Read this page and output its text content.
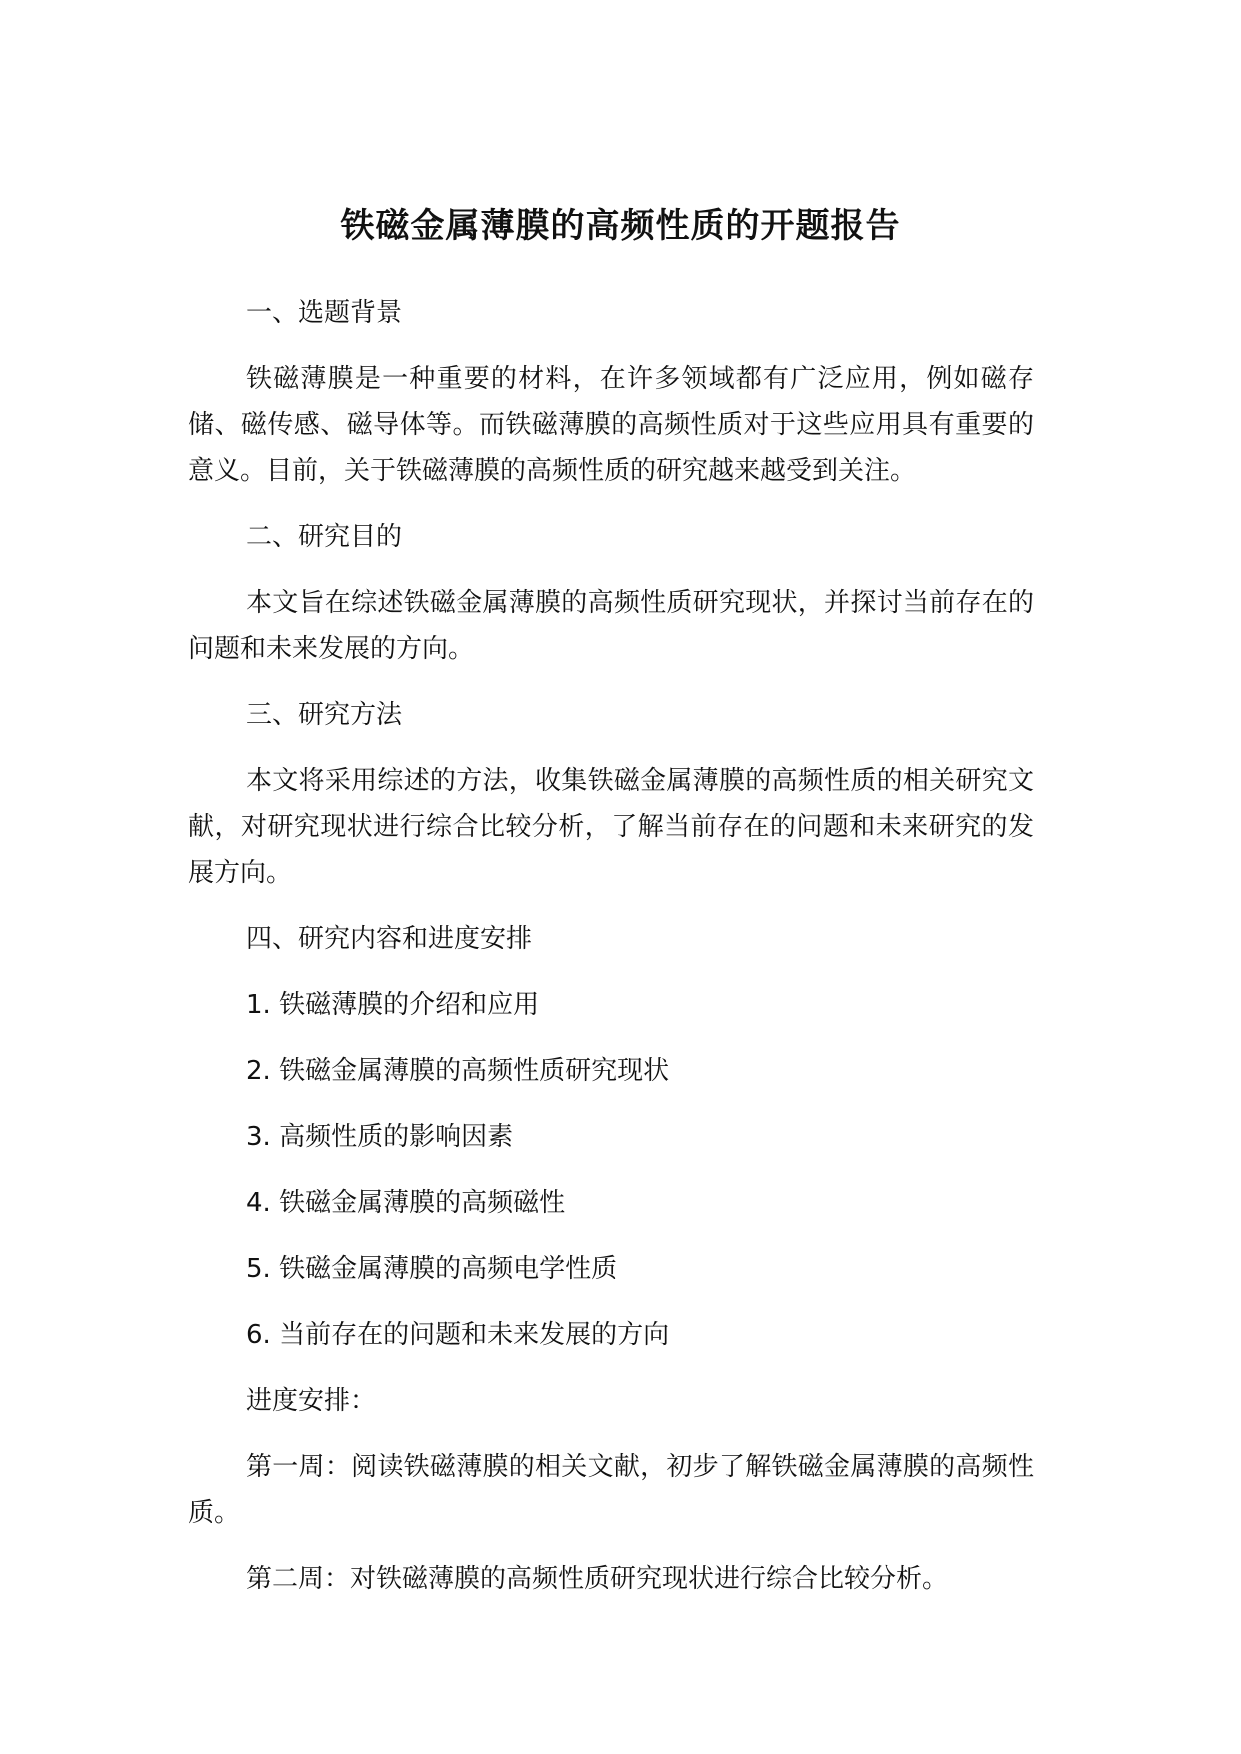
铁磁金属薄膜的高频性质的开题报告

一、选题背景

铁磁薄膜是一种重要的材料，在许多领域都有广泛应用，例如磁存储、磁传感、磁导体等。而铁磁薄膜的高频性质对于这些应用具有重要的意义。目前，关于铁磁薄膜的高频性质的研究越来越受到关注。

二、研究目的

本文旨在综述铁磁金属薄膜的高频性质研究现状，并探讨当前存在的问题和未来发展的方向。

三、研究方法

本文将采用综述的方法，收集铁磁金属薄膜的高频性质的相关研究文献，对研究现状进行综合比较分析，了解当前存在的问题和未来研究的发展方向。

四、研究内容和进度安排

1. 铁磁薄膜的介绍和应用

2. 铁磁金属薄膜的高频性质研究现状

3. 高频性质的影响因素

4. 铁磁金属薄膜的高频磁性

5. 铁磁金属薄膜的高频电学性质

6. 当前存在的问题和未来发展的方向

进度安排：

第一周：阅读铁磁薄膜的相关文献，初步了解铁磁金属薄膜的高频性质。

第二周：对铁磁薄膜的高频性质研究现状进行综合比较分析。
